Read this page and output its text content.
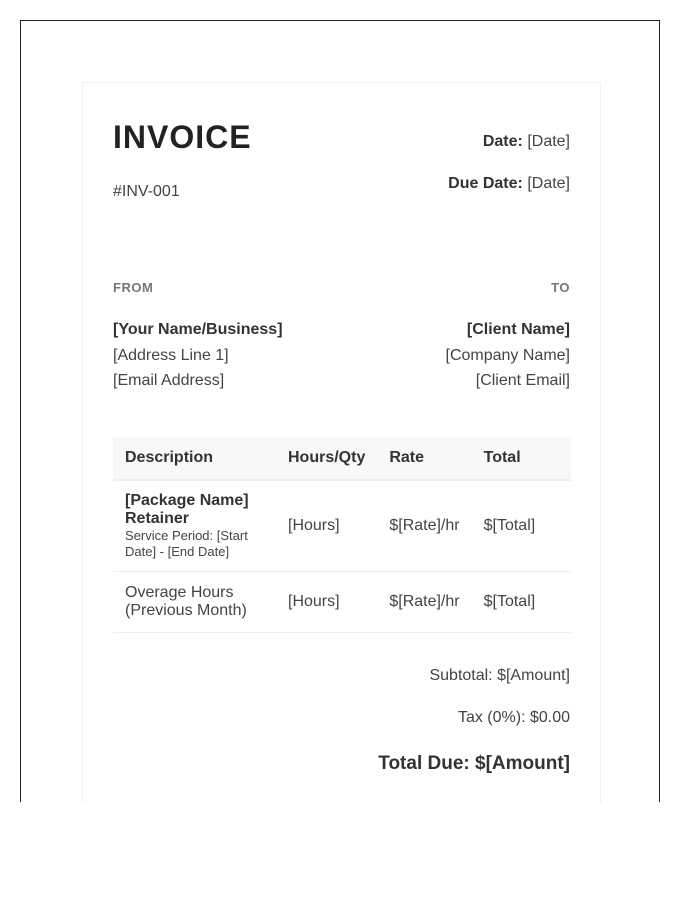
INVOICE
#INV-001
Date: [Date]
Due Date: [Date]
FROM	TO
[Your Name/Business]
[Address Line 1]
[Email Address]
[Client Name]
[Company Name]
[Client Email]
Description	Hours/Qty	Rate	Total

[Package Name] Retainer
Service Period: [Start Date] - [End Date]	[Hours]	$[Rate]/hr	$[Total]

Overage Hours (Previous Month)	[Hours]	$[Rate]/hr	$[Total]
Subtotal: $[Amount]
Tax (0%): $0.00
Total Due: $[Amount]
